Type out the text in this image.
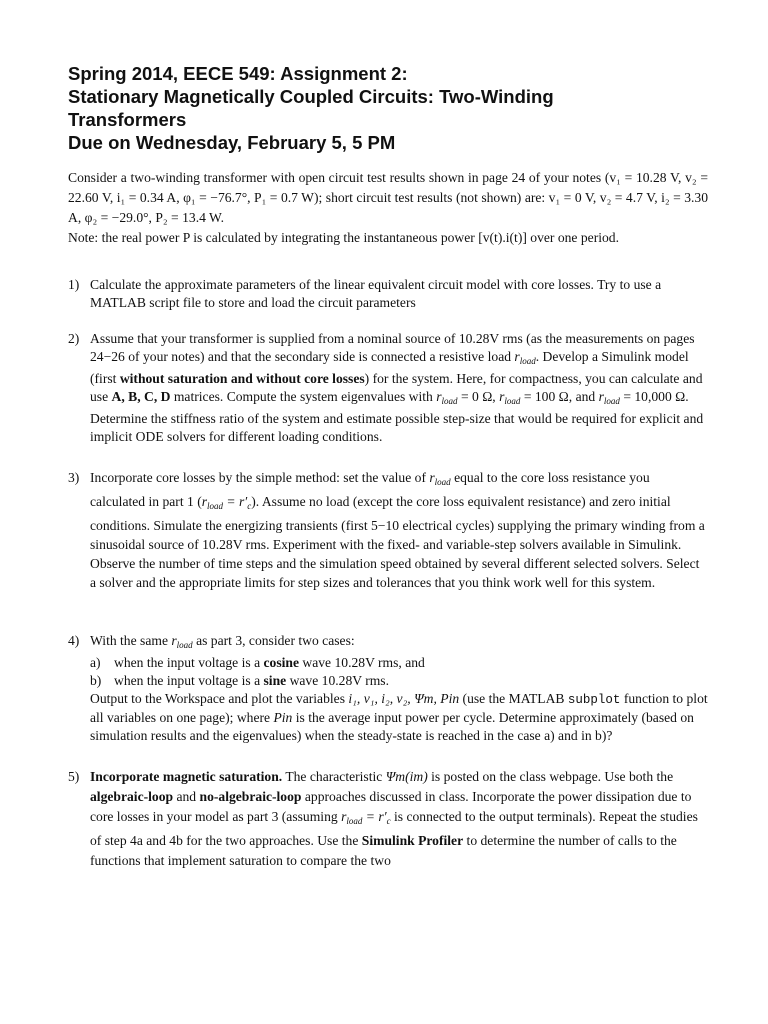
Spring 2014, EECE 549: Assignment 2:
Stationary Magnetically Coupled Circuits: Two-Winding
Transformers
Due on Wednesday, February 5, 5 PM

Consider a two-winding transformer with open circuit test results shown in page 24 of your notes (v₁ = 10.28 V, v₂ = 22.60 V, i₁ = 0.34 A, φ₁ = −76.7°, P₁ = 0.7 W); short circuit test results (not shown) are: v₁ = 0 V, v₂ = 4.7 V, i₂ = 3.30 A, φ₂ = −29.0°, P₂ = 13.4 W.

Note: the real power P is calculated by integrating the instantaneous power [v(t).i(t)] over one period.

1) Calculate the approximate parameters of the linear equivalent circuit model with core losses. Try to use a MATLAB script file to store and load the circuit parameters
2) Assume that your transformer is supplied from a nominal source of 10.28V rms (as the measurements on pages 24−26 of your notes) and that the secondary side is connected a resistive load $r_{load}$. Develop a Simulink model (first without saturation and without core losses) for the system. Here, for compactness, you can calculate and use A, B, C, D matrices. Compute the system eigenvalues with $r_{load} = 0$ Ω, $r_{load} = 100$ Ω, and $r_{load} = 10,000$ Ω. Determine the stiffness ratio of the system and estimate possible step-size that would be required for explicit and implicit ODE solvers for different loading conditions.
3) Incorporate core losses by the simple method: set the value of $r_{load}$ equal to the core loss resistance you calculated in part 1 $(r_{load} = r'_c)$. Assume no load (except the core loss equivalent resistance) and zero initial conditions. Simulate the energizing transients (first 5−10 electrical cycles) supplying the primary winding from a sinusoidal source of 10.28V rms. Experiment with the fixed- and variable-step solvers available in Simulink. Observe the number of time steps and the simulation speed obtained by several different selected solvers. Select a solver and the appropriate limits for step sizes and tolerances that you think work well for this system.
4) With the same $r_{load}$ as part 3, consider two cases:
a) when the input voltage is a cosine wave 10.28V rms, and
b) when the input voltage is a sine wave 10.28V rms.
Output to the Workspace and plot the variables i₁, v₁, i₂, v₂, Ψm, Pin (use the MATLAB subplot function to plot all variables on one page); where Pin is the average input power per cycle. Determine approximately (based on simulation results and the eigenvalues) when the steady-state is reached in the case a) and in b)?
5) Incorporate magnetic saturation. The characteristic Ψm(im) is posted on the class webpage. Use both the algebraic-loop and no-algebraic-loop approaches discussed in class. Incorporate the power dissipation due to core losses in your model as part 3 (assuming $r_{load} = r'_c$ is connected to the output terminals). Repeat the studies of step 4a and 4b for the two approaches. Use the Simulink Profiler to determine the number of calls to the functions that implement saturation to compare the two
